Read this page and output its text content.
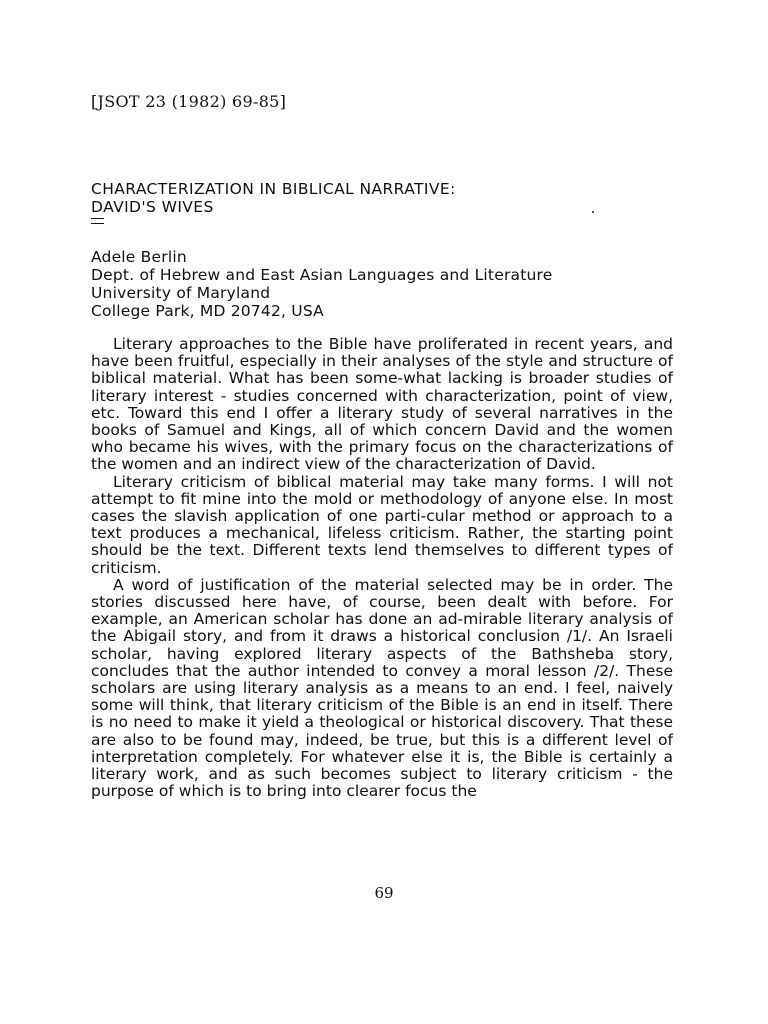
[JSOT 23 (1982) 69-85]
CHARACTERIZATION IN BIBLICAL NARRATIVE:
DAVID'S WIVES
Adele Berlin
Dept. of Hebrew and East Asian Languages and Literature
University of Maryland
College Park, MD 20742, USA

Literary approaches to the Bible have proliferated in recent years, and have been fruitful, especially in their analyses of the style and structure of biblical material. What has been some-what lacking is broader studies of literary interest - studies concerned with characterization, point of view, etc. Toward this end I offer a literary study of several narratives in the books of Samuel and Kings, all of which concern David and the women who became his wives, with the primary focus on the characterizations of the women and an indirect view of the characterization of David.

Literary criticism of biblical material may take many forms. I will not attempt to fit mine into the mold or methodology of anyone else. In most cases the slavish application of one parti-cular method or approach to a text produces a mechanical, lifeless criticism. Rather, the starting point should be the text. Different texts lend themselves to different types of criticism.

A word of justification of the material selected may be in order. The stories discussed here have, of course, been dealt with before. For example, an American scholar has done an ad-mirable literary analysis of the Abigail story, and from it draws a historical conclusion /1/. An Israeli scholar, having explored literary aspects of the Bathsheba story, concludes that the author intended to convey a moral lesson /2/. These scholars are using literary analysis as a means to an end. I feel, naively some will think, that literary criticism of the Bible is an end in itself. There is no need to make it yield a theological or historical discovery. That these are also to be found may, indeed, be true, but this is a different level of interpretation completely. For whatever else it is, the Bible is certainly a literary work, and as such becomes subject to literary criticism - the purpose of which is to bring into clearer focus the

69
